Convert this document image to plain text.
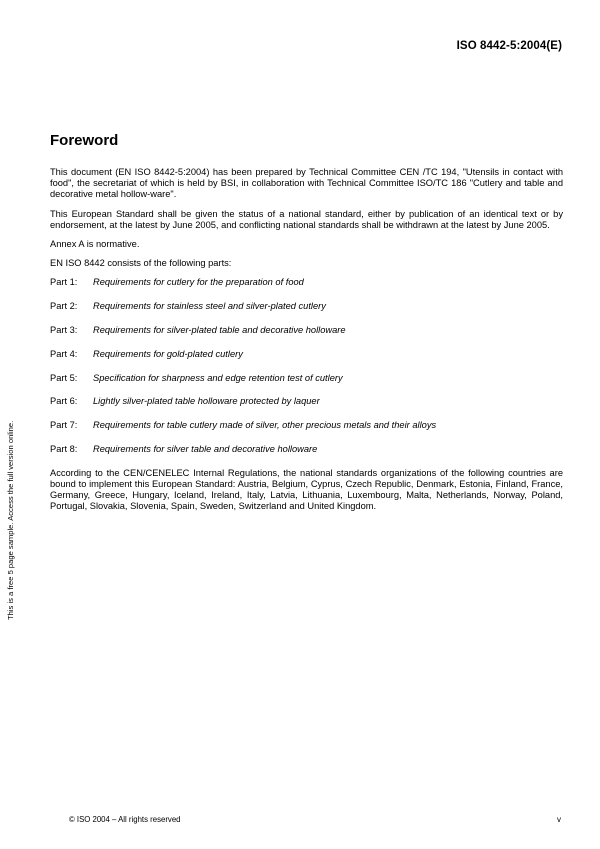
ISO 8442-5:2004(E)
This is a free 5 page sample. Access the full version online.
Foreword

This document (EN ISO 8442-5:2004) has been prepared by Technical Committee CEN /TC 194, "Utensils in contact with food", the secretariat of which is held by BSI, in collaboration with Technical Committee ISO/TC 186 "Cutlery and table and decorative metal hollow-ware".

This European Standard shall be given the status of a national standard, either by publication of an identical text or by endorsement, at the latest by June 2005, and conflicting national standards shall be withdrawn at the latest by June 2005.

Annex A is normative.

EN ISO 8442 consists of the following parts:

Part 1:	Requirements for cutlery for the preparation of food
Part 2:	Requirements for stainless steel and silver-plated cutlery
Part 3:	Requirements for silver-plated table and decorative holloware
Part 4:	Requirements for gold-plated cutlery
Part 5:	Specification for sharpness and edge retention test of cutlery
Part 6:	Lightly silver-plated table holloware protected by laquer
Part 7:	Requirements for table cutlery made of silver, other precious metals and their alloys
Part 8:	Requirements for silver table and decorative holloware

According to the CEN/CENELEC Internal Regulations, the national standards organizations of the following countries are bound to implement this European Standard: Austria, Belgium, Cyprus, Czech Republic, Denmark, Estonia, Finland, France, Germany, Greece, Hungary, Iceland, Ireland, Italy, Latvia, Lithuania, Luxembourg, Malta, Netherlands, Norway, Poland, Portugal, Slovakia, Slovenia, Spain, Sweden, Switzerland and United Kingdom.

© ISO 2004 – All rights reserved	v
